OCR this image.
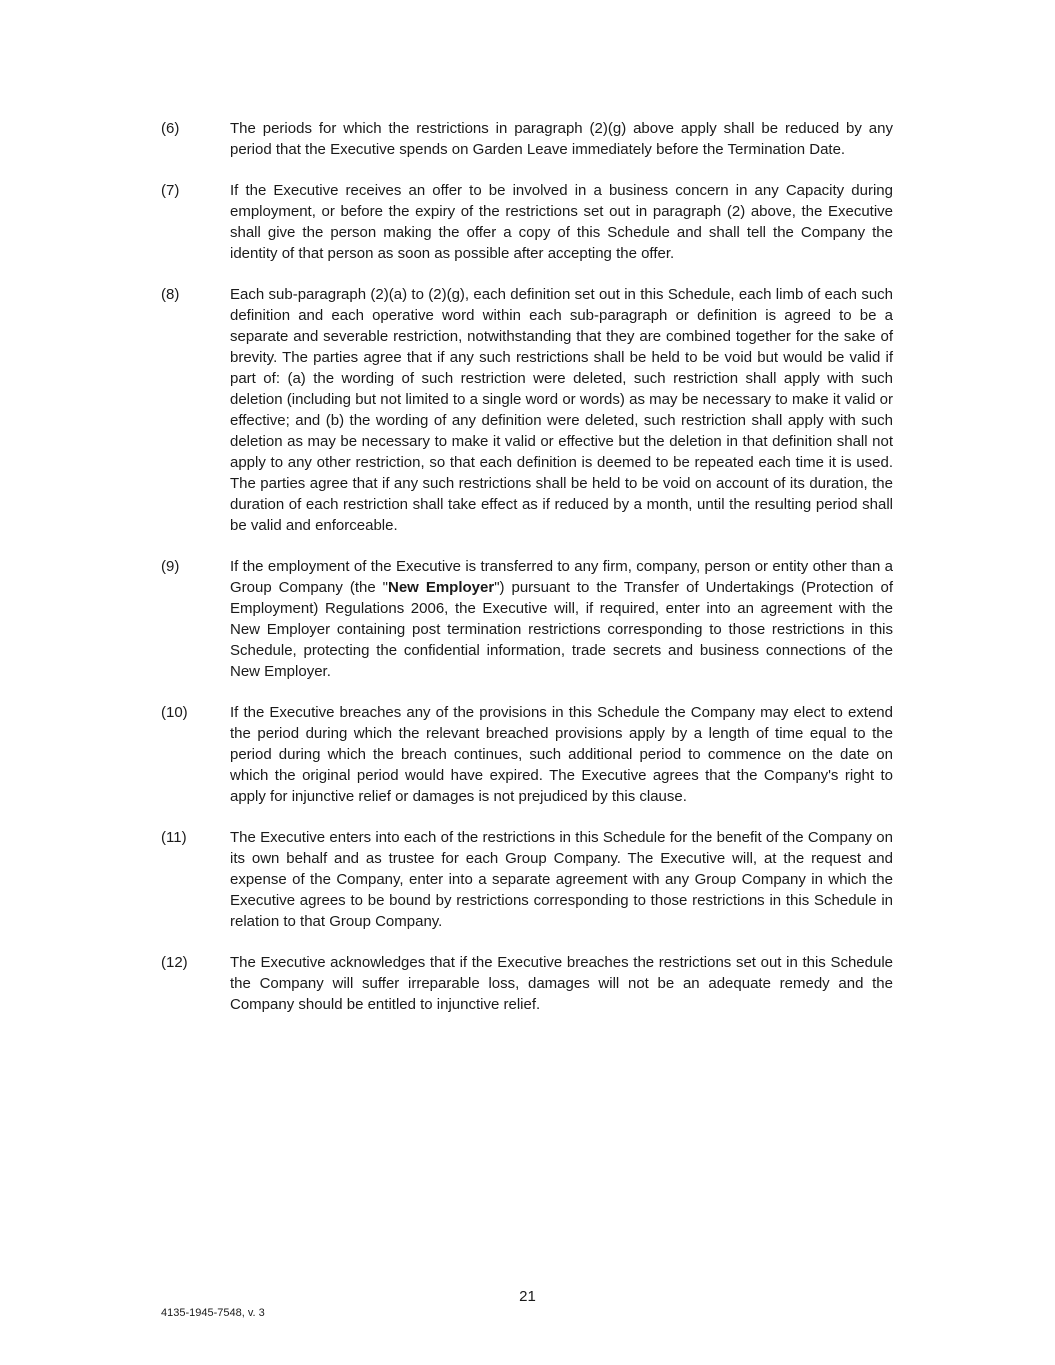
(6)	The periods for which the restrictions in paragraph (2)(g) above apply shall be reduced by any period that the Executive spends on Garden Leave immediately before the Termination Date.
(7)	If the Executive receives an offer to be involved in a business concern in any Capacity during employment, or before the expiry of the restrictions set out in paragraph (2) above, the Executive shall give the person making the offer a copy of this Schedule and shall tell the Company the identity of that person as soon as possible after accepting the offer.
(8)	Each sub-paragraph (2)(a) to (2)(g), each definition set out in this Schedule, each limb of each such definition and each operative word within each sub-paragraph or definition is agreed to be a separate and severable restriction, notwithstanding that they are combined together for the sake of brevity. The parties agree that if any such restrictions shall be held to be void but would be valid if part of: (a) the wording of such restriction were deleted, such restriction shall apply with such deletion (including but not limited to a single word or words) as may be necessary to make it valid or effective; and (b) the wording of any definition were deleted, such restriction shall apply with such deletion as may be necessary to make it valid or effective but the deletion in that definition shall not apply to any other restriction, so that each definition is deemed to be repeated each time it is used. The parties agree that if any such restrictions shall be held to be void on account of its duration, the duration of each restriction shall take effect as if reduced by a month, until the resulting period shall be valid and enforceable.
(9)	If the employment of the Executive is transferred to any firm, company, person or entity other than a Group Company (the "New Employer") pursuant to the Transfer of Undertakings (Protection of Employment) Regulations 2006, the Executive will, if required, enter into an agreement with the New Employer containing post termination restrictions corresponding to those restrictions in this Schedule, protecting the confidential information, trade secrets and business connections of the New Employer.
(10)	If the Executive breaches any of the provisions in this Schedule the Company may elect to extend the period during which the relevant breached provisions apply by a length of time equal to the period during which the breach continues, such additional period to commence on the date on which the original period would have expired. The Executive agrees that the Company's right to apply for injunctive relief or damages is not prejudiced by this clause.
(11)	The Executive enters into each of the restrictions in this Schedule for the benefit of the Company on its own behalf and as trustee for each Group Company. The Executive will, at the request and expense of the Company, enter into a separate agreement with any Group Company in which the Executive agrees to be bound by restrictions corresponding to those restrictions in this Schedule in relation to that Group Company.
(12)	The Executive acknowledges that if the Executive breaches the restrictions set out in this Schedule the Company will suffer irreparable loss, damages will not be an adequate remedy and the Company should be entitled to injunctive relief.
21
4135-1945-7548, v. 3
